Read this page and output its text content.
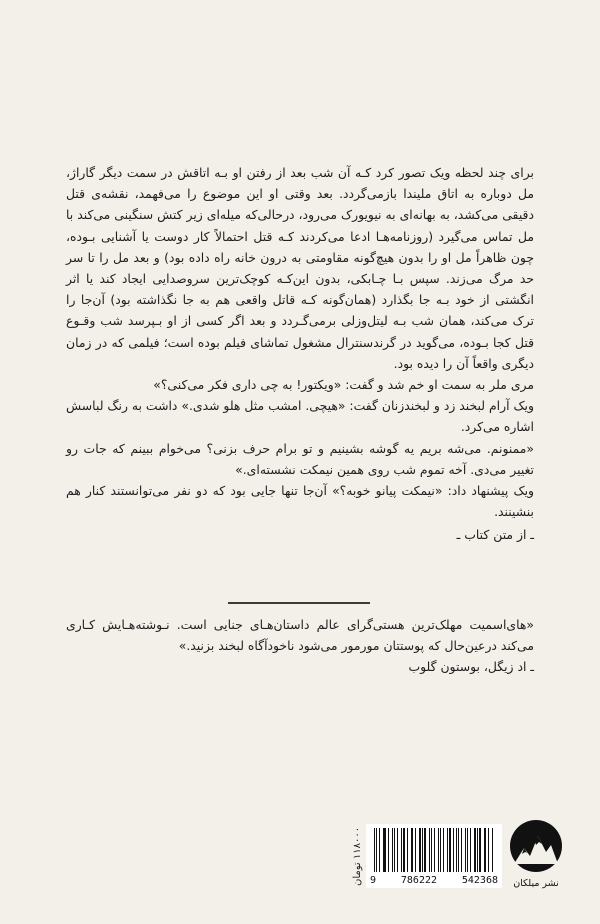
برای چند لحظه ویک تصور کرد کـه آن شب بعد از رفتن او بـه اتاقش در سمت دیگر گاراژ، مل دوباره به اتاق ملیندا بازمی‌گردد. بعد وقتی او این موضوع را می‌فهمد، نقشه‌ی قتل دقیقی می‌کشد، به بهانه‌ای به نیویورک می‌رود، درحالی‌که میله‌ای زیر کتش سنگینی می‌کند با مل تماس می‌گیرد (روزنامه‌هـا ادعا می‌کردند کـه قتل احتمالاً کار دوست یا آشنایی بـوده، چون ظاهراً مل او را بدون هیچ‌گونه مقاومتی به درون خانه راه داده بود) و بعد مل را تا سر حد مرگ می‌زند. سپس بـا چـابکی، بدون این‌کـه کوچک‌ترین سروصدایی ایجاد کند یا اثر انگشتی از خود بـه جا بگذارد (همان‌گونه کـه قاتل واقعی هم به جا نگذاشته بود) آن‌جا را ترک می‌کند، همان شب بـه لیتل‌وزلی برمی‌گـردد و بعد اگر کسی از او بـپرسد شب وقـوع قتل کجا بـوده، می‌گوید در گرندسنترال مشغول تماشای فیلم بوده است؛ فیلمی که در زمان دیگری واقعاً آن را دیده بود.

مری ملر به سمت او خم شد و گفت: «ویکتور! به چی داری فکر می‌کنی؟»

ویک آرام لبخند زد و لبخندزنان گفت: «هیچی. امشب مثل هلو شدی.» داشت به رنگ لباسش اشاره می‌کرد.

«ممنونم. می‌شه بریم یه گوشه بشینیم و تو برام حرف بزنی؟ می‌خوام ببینم که جات رو تغییر می‌دی. آخه تموم شب روی همین نیمکت نشسته‌ای.»

ویک پیشنهاد داد: «نیمکت پیانو خوبه؟» آن‌جا تنها جایی بود که دو نفر می‌توانستند کنار هم بنشینند.

ـ از متن کتاب ـ

«های‌اسمیت مهلک‌ترین هستی‌گرای عالم داستان‌هـای جنایی است. نـوشته‌هـایش کـاری می‌کند درعین‌حال که پوستتان مورمور می‌شود ناخودآگاه لبخند بزنید.»

ـ اد زیگل، بوستون گلوب

۱۱۸۰۰۰ تومان
9 786222 542368	نشر میلکان
